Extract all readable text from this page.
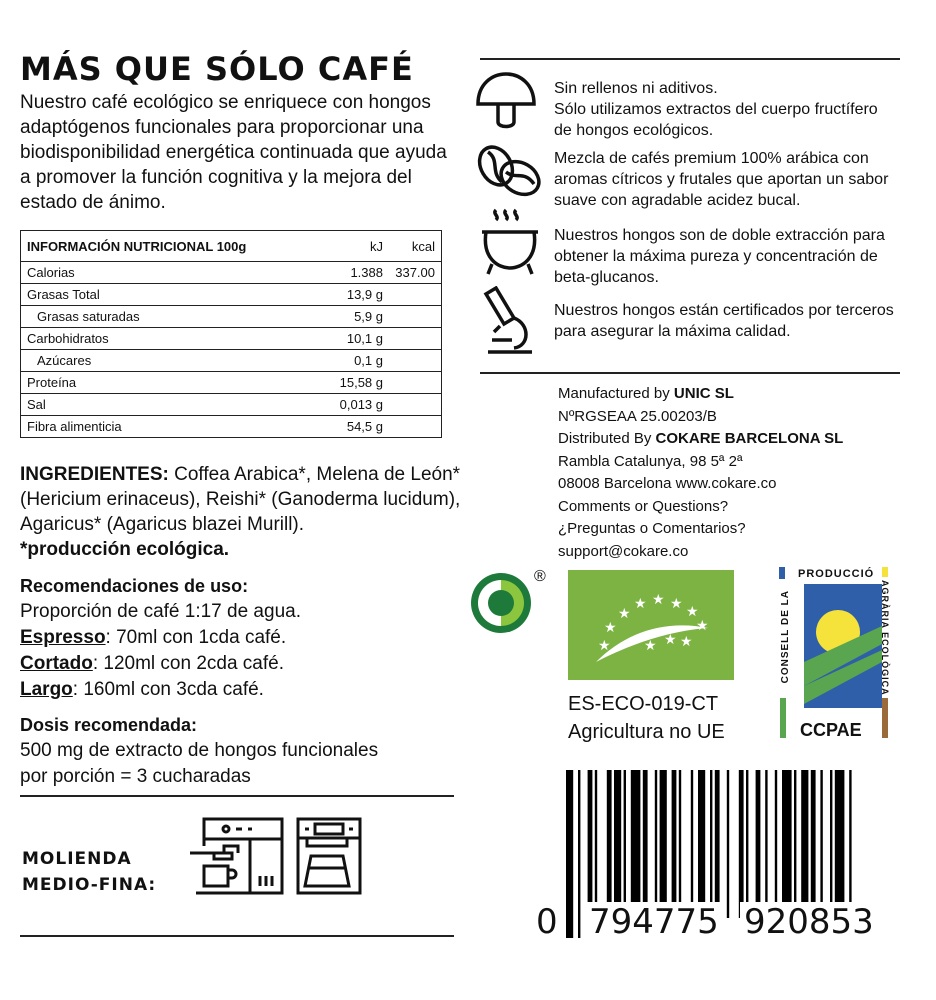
MÁS QUE SÓLO CAFÉ
Nuestro café ecológico se enriquece con hongos
adaptógenos funcionales para proporcionar una
biodisponibilidad energética continuada que ayuda
a promover la función cognitiva y la mejora del
estado de ánimo.
INFORMACIÓN NUTRICIONAL 100g	kJ	kcal
Calorias	1.388	337.00
Grasas Total	13,9 g	
Grasas saturadas	5,9 g	
Carbohidratos	10,1 g	
Azúcares	0,1 g	
Proteína	15,58 g	
Sal	0,013 g	
Fibra alimenticia	54,5 g	
INGREDIENTES: Coffea Arabica*, Melena de León*
(Hericium erinaceus), Reishi* (Ganoderma lucidum),
Agaricus* (Agaricus blazei Murill).
*producción ecológica.
Recomendaciones de uso:
Proporción de café 1:17 de agua.
Espresso: 70ml con 1cda café.
Cortado: 120ml con 2cda café.
Largo: 160ml con 3cda café.
Dosis recomendada:
500 mg de extracto de hongos funcionales
por porción = 3 cucharadas
MOLIENDA
MEDIO-FINA:
Sin rellenos ni aditivos.
Sólo utilizamos extractos del cuerpo fructífero
de hongos ecológicos.
Mezcla de cafés premium 100% arábica con
aromas cítricos y frutales que aportan un sabor
suave con agradable acidez bucal.
Nuestros hongos son de doble extracción para
obtener la máxima pureza y concentración de
beta-glucanos.
Nuestros hongos están certificados por terceros
para asegurar la máxima calidad.
Manufactured by UNIC SL
NºRGSEAA 25.00203/B
Distributed By COKARE BARCELONA SL
Rambla Catalunya, 98 5ª 2ª
08008 Barcelona www.cokare.co
Comments or Questions?
¿Preguntas o Comentarios?
support@cokare.co
®
★
★ ★ ★ ★
★
★
★	★ ★
★
ES-ECO-019-CT
Agricultura no UE
PRODUCCIÓ
AGRÀRIA ECOLÒGICA
CONSELL DE LA
CCPAE
0 794775 920853
